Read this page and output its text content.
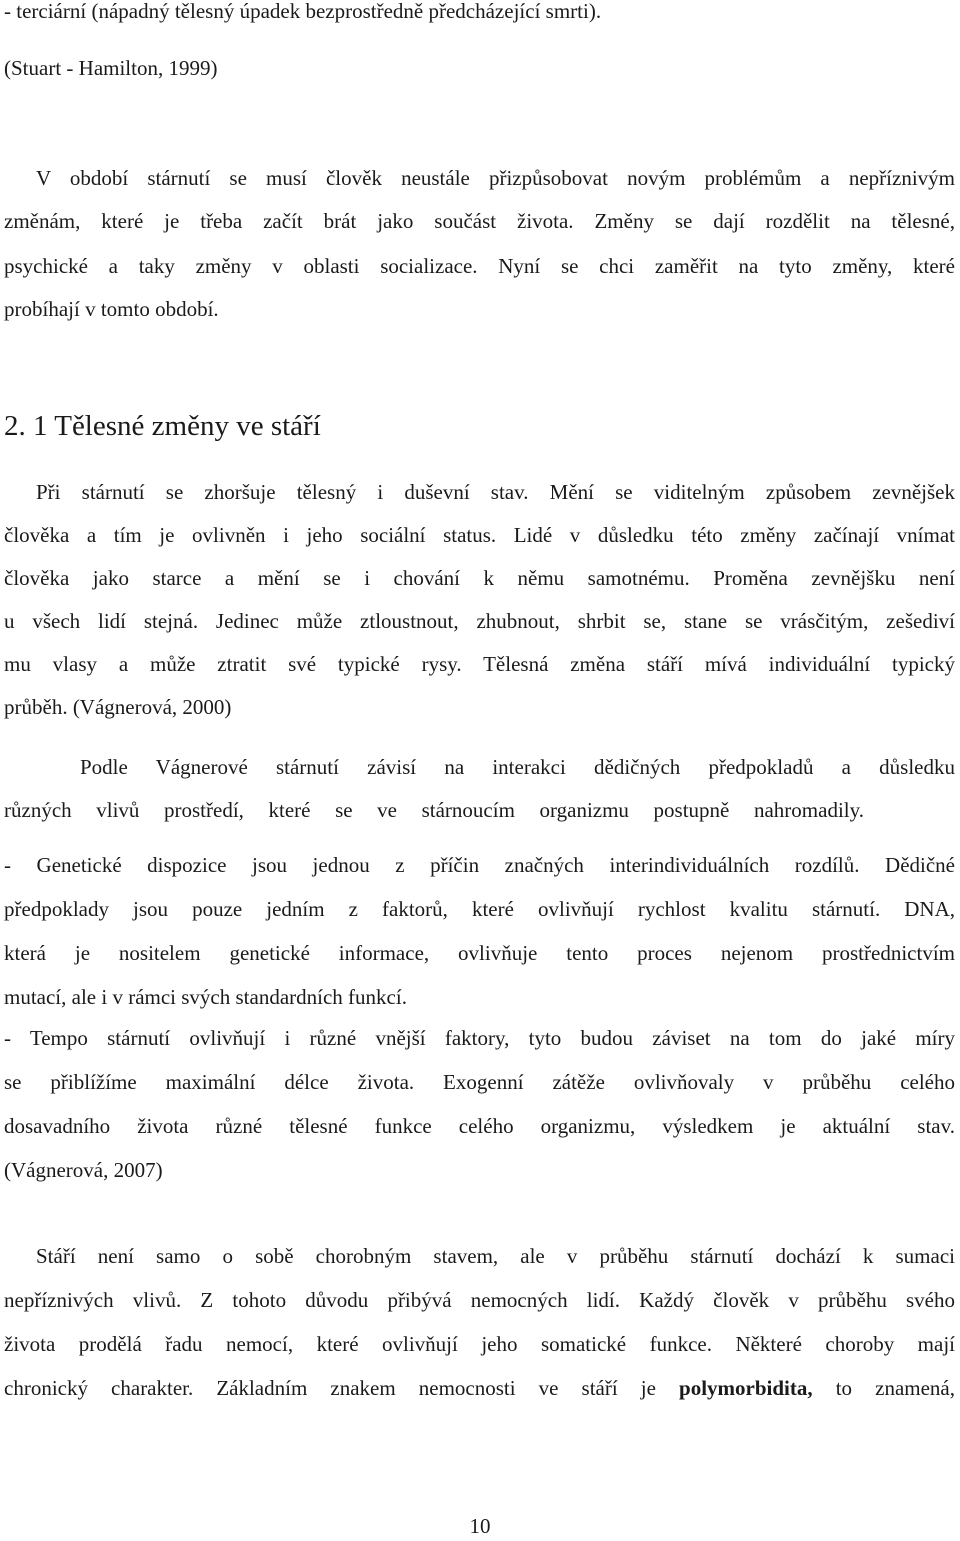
- terciární (nápadný tělesný úpadek bezprostředně předcházející smrti).
(Stuart - Hamilton, 1999)
V období stárnutí se musí člověk neustále přizpůsobovat novým problémům a nepříznivým
změnám, které je třeba začít brát jako součást života. Změny se dají rozdělit na tělesné,
psychické a taky změny v oblasti socializace. Nyní se chci zaměřit na tyto změny, které
probíhají v tomto období.
2. 1 Tělesné změny ve stáří
Při stárnutí se zhoršuje tělesný i duševní stav. Mění se viditelným způsobem zevnějšek
člověka a tím je ovlivněn i jeho sociální status. Lidé v důsledku této změny začínají vnímat
člověka jako starce a mění se i chování k němu samotnému. Proměna zevnějšku není
u všech lidí stejná. Jedinec může ztloustnout, zhubnout, shrbit se, stane se vrásčitým, zešediví
mu vlasy a může ztratit své typické rysy. Tělesná změna stáří mívá individuální typický
průběh. (Vágnerová, 2000)
Podle Vágnerové stárnutí závisí na interakci dědičných předpokladů a důsledku
různých vlivů prostředí, které se ve stárnoucím organizmu postupně nahromadily.
- Genetické dispozice jsou jednou z příčin značných interindividuálních rozdílů. Dědičné
předpoklady jsou pouze jedním z faktorů, které ovlivňují rychlost kvalitu stárnutí. DNA,
která je nositelem genetické informace, ovlivňuje tento proces nejenom prostřednictvím
mutací, ale i v rámci svých standardních funkcí.
- Tempo stárnutí ovlivňují i různé vnější faktory, tyto budou záviset na tom do jaké míry
se přiblížíme maximální délce života. Exogenní zátěže ovlivňovaly v průběhu celého
dosavadního života různé tělesné funkce celého organizmu, výsledkem je aktuální stav.
(Vágnerová, 2007)
Stáří není samo o sobě chorobným stavem, ale v průběhu stárnutí dochází k sumaci
nepříznivých vlivů. Z tohoto důvodu přibývá nemocných lidí. Každý člověk v průběhu svého
života prodělá řadu nemocí, které ovlivňují jeho somatické funkce. Některé choroby mají
chronický charakter. Základním znakem nemocnosti ve stáří je polymorbidita, to znamená,
10
